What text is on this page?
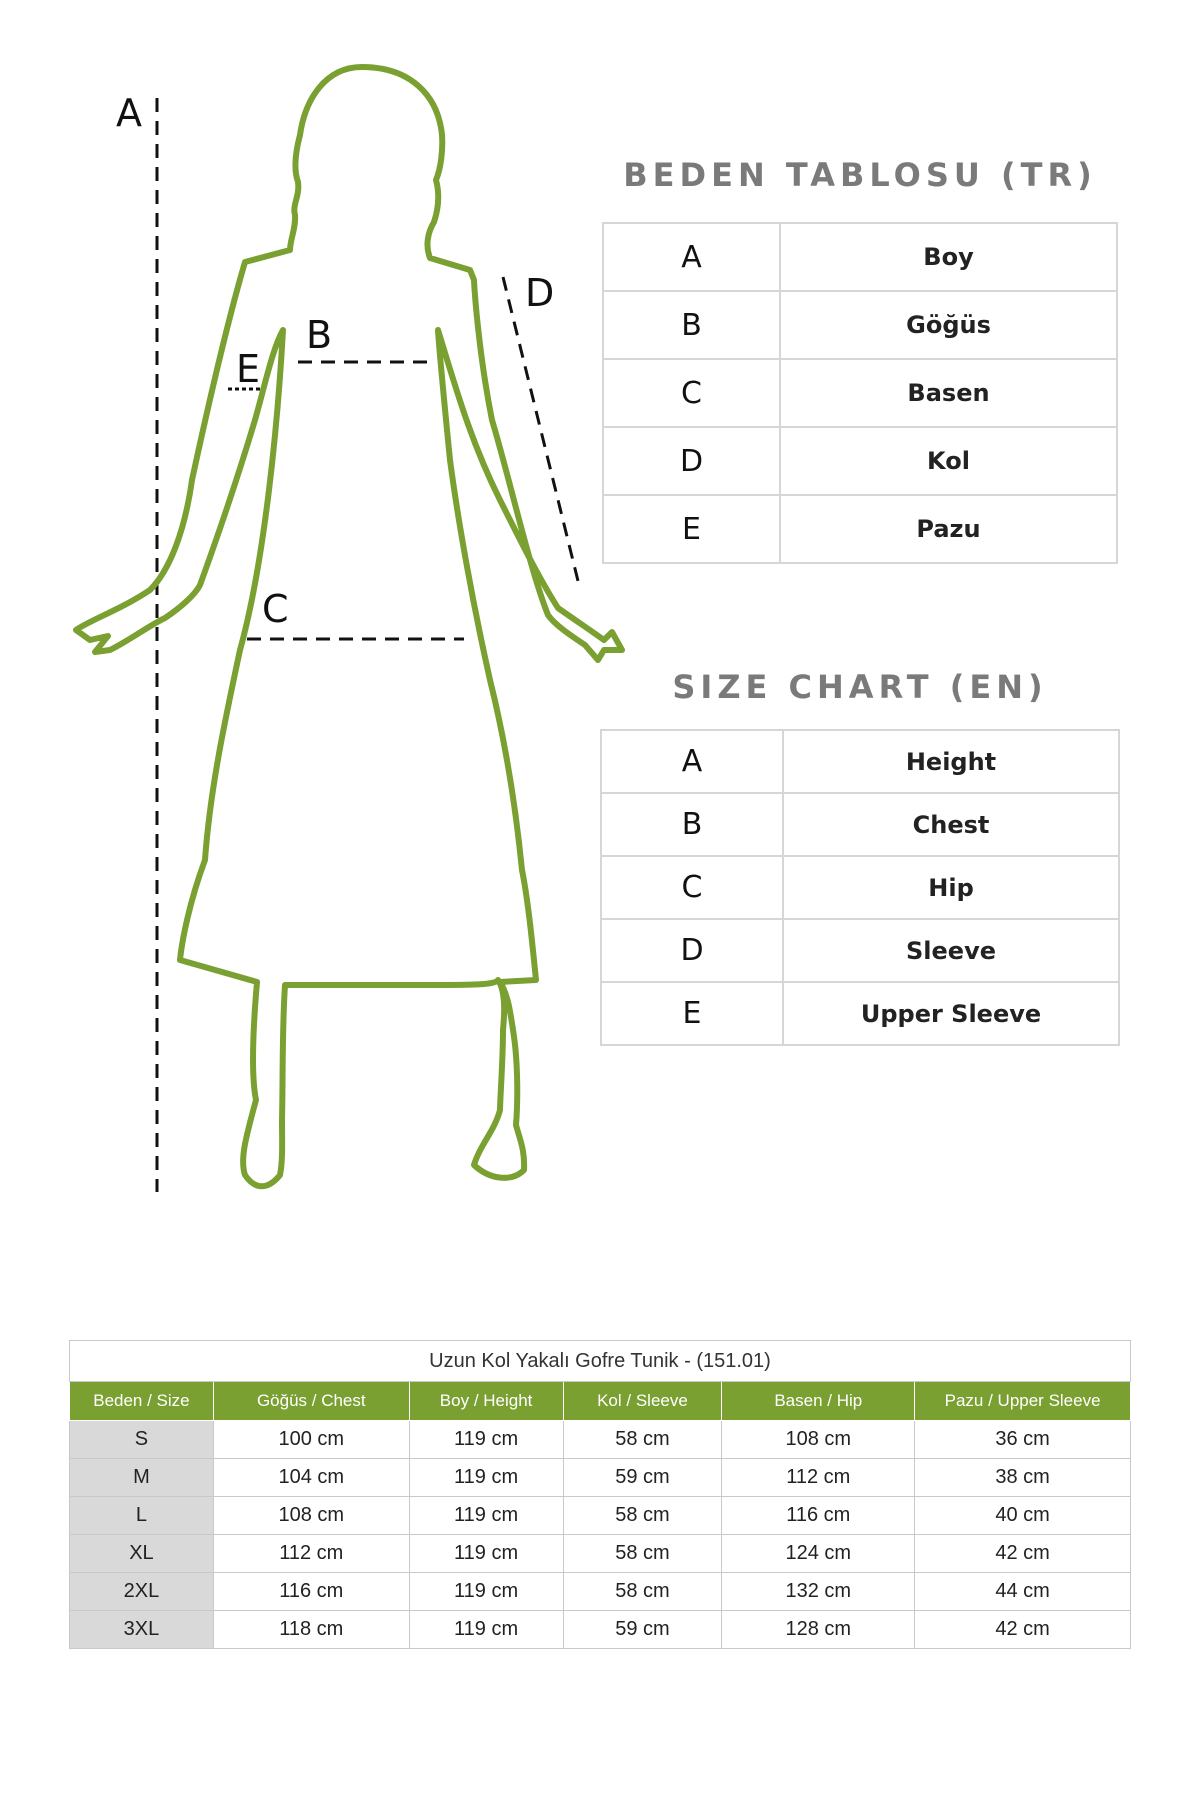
A
B
E
D
C
BEDEN TABLOSU (TR)
A	Boy
B	Göğüs
C	Basen
D	Kol
E	Pazu
SIZE CHART (EN)
A	Height
B	Chest
C	Hip
D	Sleeve
E	Upper Sleeve
Uzun Kol Yakalı Gofre Tunik - (151.01)					
Beden / Size	Göğüs / Chest	Boy / Height	Kol / Sleeve	Basen / Hip	Pazu / Upper Sleeve
S	100 cm	119 cm	58 cm	108 cm	36 cm
M	104 cm	119 cm	59 cm	112 cm	38 cm
L	108 cm	119 cm	58 cm	116 cm	40 cm
XL	112 cm	119 cm	58 cm	124 cm	42 cm
2XL	116 cm	119 cm	58 cm	132 cm	44 cm
3XL	118 cm	119 cm	59 cm	128 cm	42 cm
